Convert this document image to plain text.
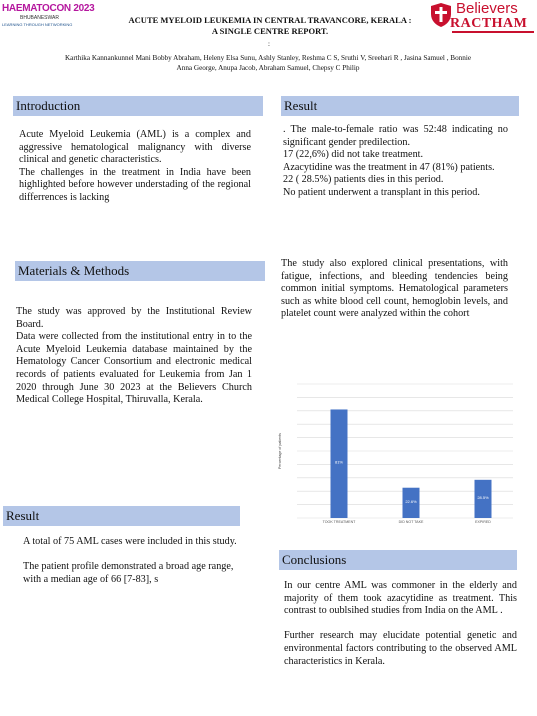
HAEMATOCON 2023
BHUBANESWAR
LEARNING THROUGH NETWORKING	ACUTE MYELOID LEUKEMIA IN CENTRAL TRAVANCORE, KERALA :
A SINGLE CENTRE REPORT.
:
Karthika Kannankunnel Mani Bobby Abraham, Heleny Elsa Sunu, Ashly Stanley, Reshma C S, Sruthi V, Sreehari R , Jasina Samuel , Bonnie
Anna George, Anupa Jacob, Abraham Samuel, Chepsy C Philip
Believers
RACTHAM
Introduction

Acute Myeloid Leukemia (AML) is a complex and aggressive hematological malignancy with diverse clinical and genetic characteristics.

The challenges in the treatment in India have been highlighted before however understading of the regional differrences is lacking

Materials & Methods

The study was approved by the Institutional Review Board.

Data were collected from the institutional entry in to the Acute Myeloid Leukemia database maintained by the Hematology Cancer Consortium and electronic medical records of patients evaluated for Leukemia from Jan 1 2020 through June 30 2023 at the Believers Church Medical College Hospital, Thiruvalla, Kerala.

Result

A total of 75 AML cases were included in this study.

The patient profile demonstrated a broad age range, with a median age of 66 [7-83], s

Result

. The male-to-female ratio was 52:48 indicating no significant gender predilection.

17 (22,6%) did not take treatment.

Azacytidine was the treatment in 47 (81%) patients.

22 ( 28.5%) patients dies in this period.

No patient underwent a transplant in this period.

The study also explored clinical presentations, with fatigue, infections, and bleeding tendencies being common initial symptoms. Hematological parameters such as white blood cell count, hemoglobin levels, and platelet count were analyzed within the cohort

Percentage of patients	81%
TOOK TREATMENT
22.6%
DID NOT TAKE
28.5%
EXPIRED
Conclusions

In our centre AML was commoner in the elderly and majority of them took azacytidine as treatment. This contrast to oublsihed studies from India on the AML .

Further research may elucidate potential genetic and environmental factors contributing to the observed AML characteristics in Kerala.
